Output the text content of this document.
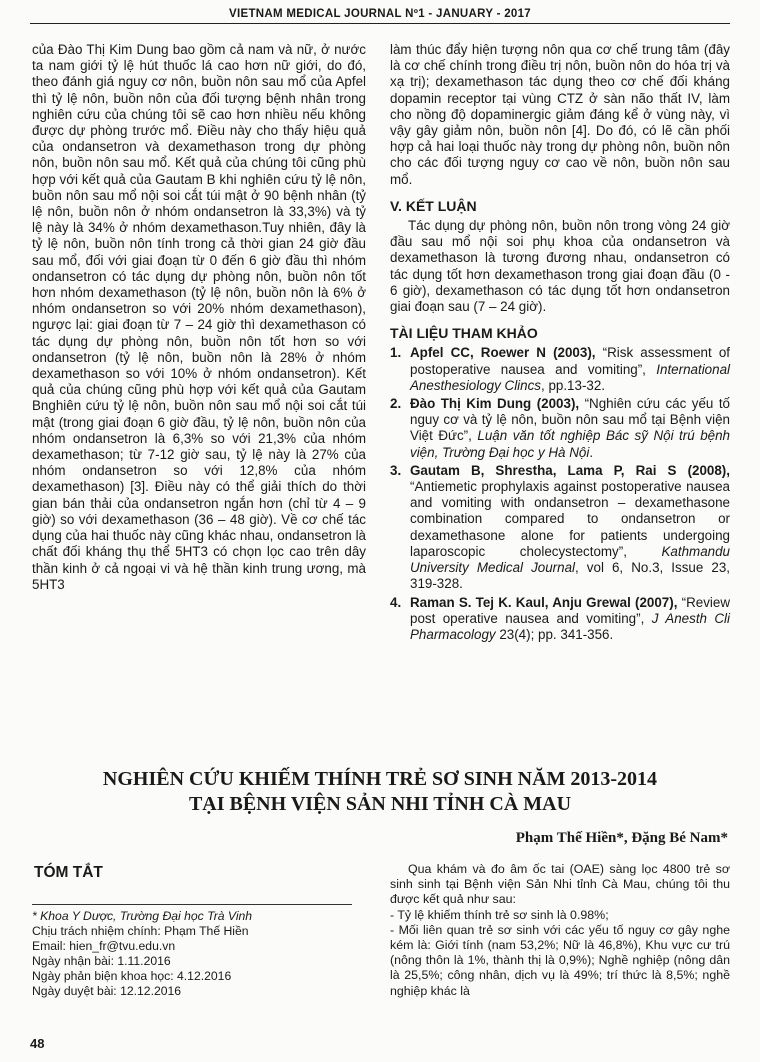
VIETNAM MEDICAL JOURNAL Nº1 - JANUARY - 2017

của Đào Thị Kim Dung bao gồm cả nam và nữ, ở nước ta nam giới tỷ lệ hút thuốc lá cao hơn nữ giới, do đó, theo đánh giá nguy cơ nôn, buồn nôn sau mổ của Apfel thì tỷ lệ nôn, buồn nôn của đối tượng bệnh nhân trong nghiên cứu của chúng tôi sẽ cao hơn nhiều nếu không được dự phòng trước mổ. Điều này cho thấy hiệu quả của ondansetron và dexamethason trong dự phòng nôn, buồn nôn sau mổ. Kết quả của chúng tôi cũng phù hợp với kết quả của Gautam B khi nghiên cứu tỷ lệ nôn, buồn nôn sau mổ nội soi cắt túi mật ở 90 bệnh nhân (tỷ lệ nôn, buồn nôn ở nhóm ondansetron là 33,3%) và tỷ lệ này là 34% ở nhóm dexamethason.Tuy nhiên, đây là tỷ lệ nôn, buồn nôn tính trong cả thời gian 24 giờ đầu sau mổ, đối với giai đoạn từ 0 đến 6 giờ đầu thì nhóm ondansetron có tác dụng dự phòng nôn, buồn nôn tốt hơn nhóm dexamethason (tỷ lệ nôn, buồn nôn là 6% ở nhóm ondansetron so với 20% nhóm dexamethason), ngược lại: giai đoạn từ 7 – 24 giờ thì dexamethason có tác dụng dự phòng nôn, buồn nôn tốt hơn so với ondansetron (tỷ lệ nôn, buồn nôn là 28% ở nhóm dexamethason so với 10% ở nhóm ondansetron). Kết quả của chúng cũng phù hợp với kết quả của Gautam Bnghiên cứu tỷ lệ nôn, buồn nôn sau mổ nội soi cắt túi mật (trong giai đoạn 6 giờ đầu, tỷ lệ nôn, buồn nôn của nhóm ondansetron là 6,3% so với 21,3% của nhóm dexamethason; từ 7-12 giờ sau, tỷ lệ này là 27% của nhóm ondansetron so với 12,8% của nhóm dexamethason) [3]. Điều này có thể giải thích do thời gian bán thải của ondansetron ngắn hơn (chỉ từ 4 – 9 giờ) so với dexamethason (36 – 48 giờ). Về cơ chế tác dụng của hai thuốc này cũng khác nhau, ondansetron là chất đối kháng thụ thể 5HT3 có chọn lọc cao trên dây thần kinh ở cả ngoại vi và hệ thần kinh trung ương, mà 5HT3

làm thúc đẩy hiện tượng nôn qua cơ chế trung tâm (đây là cơ chế chính trong điều trị nôn, buồn nôn do hóa trị và xạ trị); dexamethason tác dụng theo cơ chế đối kháng dopamin receptor tại vùng CTZ ở sàn não thất IV, làm cho nồng độ dopaminergic giảm đáng kể ở vùng này, vì vậy gây giảm nôn, buồn nôn [4]. Do đó, có lẽ cần phối hợp cả hai loại thuốc này trong dự phòng nôn, buồn nôn cho các đối tượng nguy cơ cao về nôn, buồn nôn sau mổ.

V. KẾT LUẬN

Tác dụng dự phòng nôn, buồn nôn trong vòng 24 giờ đầu sau mổ nội soi phụ khoa của ondansetron và dexamethason là tương đương nhau, ondansetron có tác dụng tốt hơn dexamethason trong giai đoạn đầu (0 - 6 giờ), dexamethason có tác dụng tốt hơn ondansetron giai đoạn sau (7 – 24 giờ).

TÀI LIỆU THAM KHẢO
1. Apfel CC, Roewer N (2003), “Risk assessment of postoperative nausea and vomiting”, International Anesthesiology Clincs, pp.13-32.
2. Đào Thị Kim Dung (2003), “Nghiên cứu các yếu tố nguy cơ và tỷ lệ nôn, buồn nôn sau mổ tại Bệnh viện Việt Đức”, Luận văn tốt nghiệp Bác sỹ Nội trú bệnh viện, Trường Đại học y Hà Nội.
3. Gautam B, Shrestha, Lama P, Rai S (2008), “Antiemetic prophylaxis against postoperative nausea and vomiting with ondansetron – dexamethasone combination compared to ondansetron or dexamethasone alone for patients undergoing laparoscopic cholecystectomy”, Kathmandu University Medical Journal, vol 6, No.3, Issue 23, 319-328.
4. Raman S. Tej K. Kaul, Anju Grewal (2007), “Review post operative nausea and vomiting”, J Anesth Cli Pharmacology 23(4); pp. 341-356.
NGHIÊN CỨU KHIẾM THÍNH TRẺ SƠ SINH NĂM 2013-2014
TẠI BỆNH VIỆN SẢN NHI TỈNH CÀ MAU
Phạm Thế Hiền*, Đặng Bé Nam*
TÓM TẮT

* Khoa Y Dược, Trường Đại học Trà Vinh

Chịu trách nhiệm chính: Phạm Thế Hiền

Email: hien_fr@tvu.edu.vn

Ngày nhận bài: 1.11.2016

Ngày phản biện khoa học: 4.12.2016

Ngày duyệt bài: 12.12.2016

Qua khám và đo âm ốc tai (OAE) sàng lọc 4800 trẻ sơ sinh sinh tại Bệnh viện Sản Nhi tỉnh Cà Mau, chúng tôi thu được kết quả như sau:

- Tỷ lệ khiếm thính trẻ sơ sinh là 0.98%;

- Mối liên quan trẻ sơ sinh với các yếu tố nguy cơ gây nghe kém là: Giới tính (nam 53,2%; Nữ là 46,8%), Khu vực cư trú (nông thôn là 1%, thành thị là 0,9%); Nghề nghiệp (nông dân là 25,5%; công nhân, dịch vụ là 49%; trí thức là 8,5%; nghề nghiệp khác là

48
